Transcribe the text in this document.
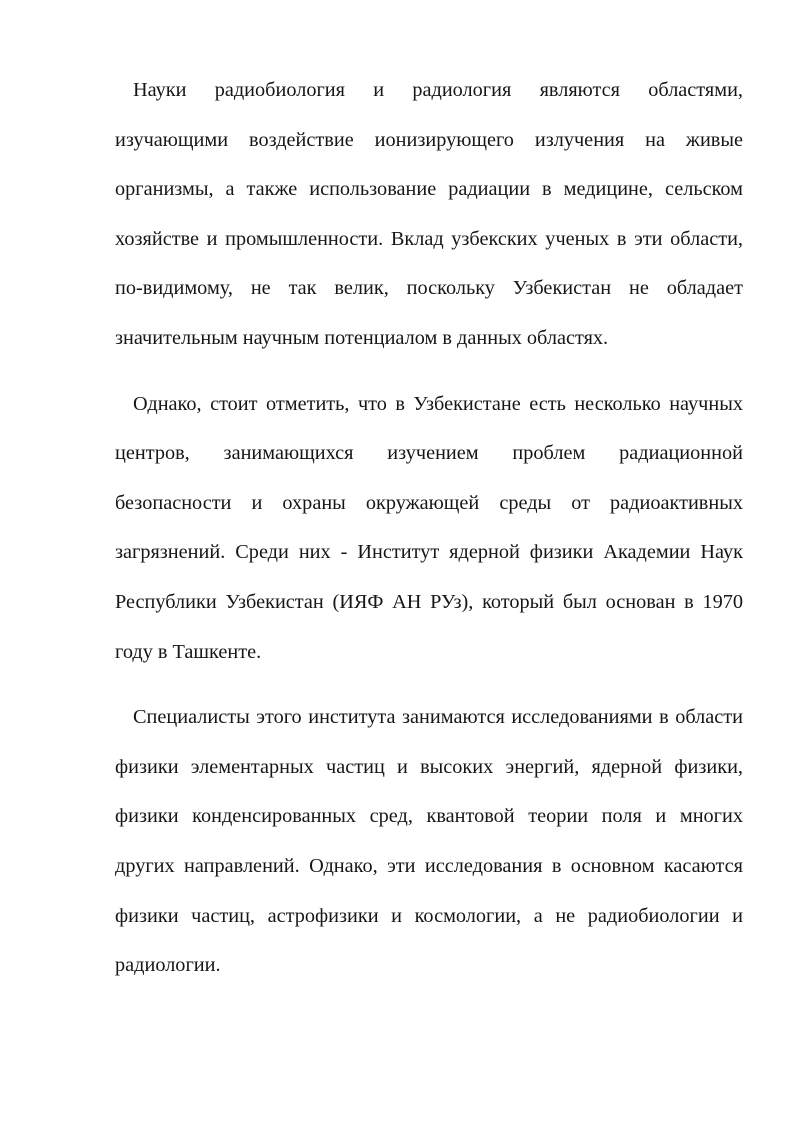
Науки радиобиология и радиология являются областями, изучающими воздействие ионизирующего излучения на живые организмы, а также использование радиации в медицине, сельском хозяйстве и промышленности. Вклад узбекских ученых в эти области, по-видимому, не так велик, поскольку Узбекистан не обладает значительным научным потенциалом в данных областях.

Однако, стоит отметить, что в Узбекистане есть несколько научных центров, занимающихся изучением проблем радиационной безопасности и охраны окружающей среды от радиоактивных загрязнений. Среди них - Институт ядерной физики Академии Наук Республики Узбекистан (ИЯФ АН РУз), который был основан в 1970 году в Ташкенте.

Специалисты этого института занимаются исследованиями в области физики элементарных частиц и высоких энергий, ядерной физики, физики конденсированных сред, квантовой теории поля и многих других направлений. Однако, эти исследования в основном касаются физики частиц, астрофизики и космологии, а не радиобиологии и радиологии.
